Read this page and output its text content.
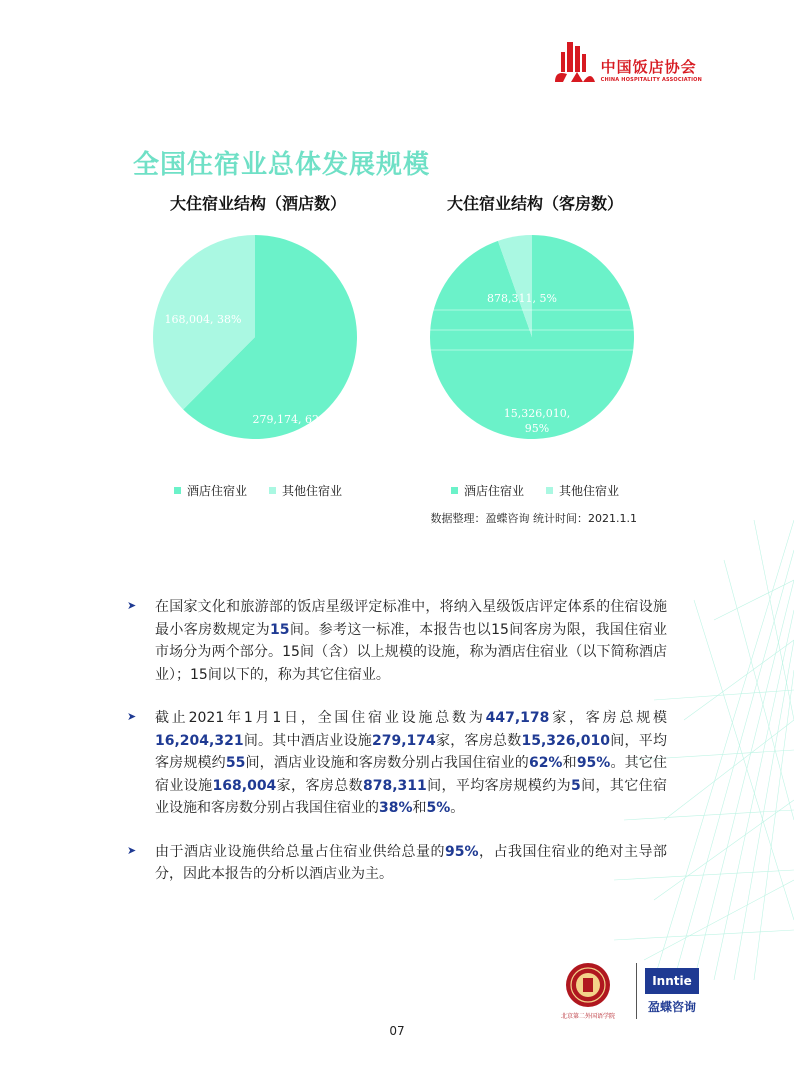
中国饭店协会
CHINA HOSPITALITY ASSOCIATION
全国住宿业总体发展规模
大住宿业结构（酒店数）
168,004, 38%
279,174, 62%
酒店住宿业	其他住宿业
大住宿业结构（客房数）
878,311, 5%
15,326,010,
95%
酒店住宿业	其他住宿业
数据整理：盈蝶咨询 统计时间：2021.1.1
➤	在国家文化和旅游部的饭店星级评定标准中，将纳入星级饭店评定体系的住宿设施最小客房数规定为15间。参考这一标准，本报告也以15间客房为限，我国住宿业市场分为两个部分。15间（含）以上规模的设施，称为酒店住宿业（以下简称酒店业）；15间以下的，称为其它住宿业。

➤	截止2021年1月1日，全国住宿业设施总数为447,178家，客房总规模16,204,321间。其中酒店业设施279,174家，客房总数15,326,010间，平均客房规模约55间，酒店业设施和客房数分别占我国住宿业的62%和95%。其它住宿业设施168,004家，客房总数878,311间，平均客房规模约为5间，其它住宿业设施和客房数分别占我国住宿业的38%和5%。

➤	由于酒店业设施供给总量占住宿业供给总量的95%，占我国住宿业的绝对主导部分，因此本报告的分析以酒店业为主。

北京第二外国语学院
Inntie
盈蝶咨询
07
